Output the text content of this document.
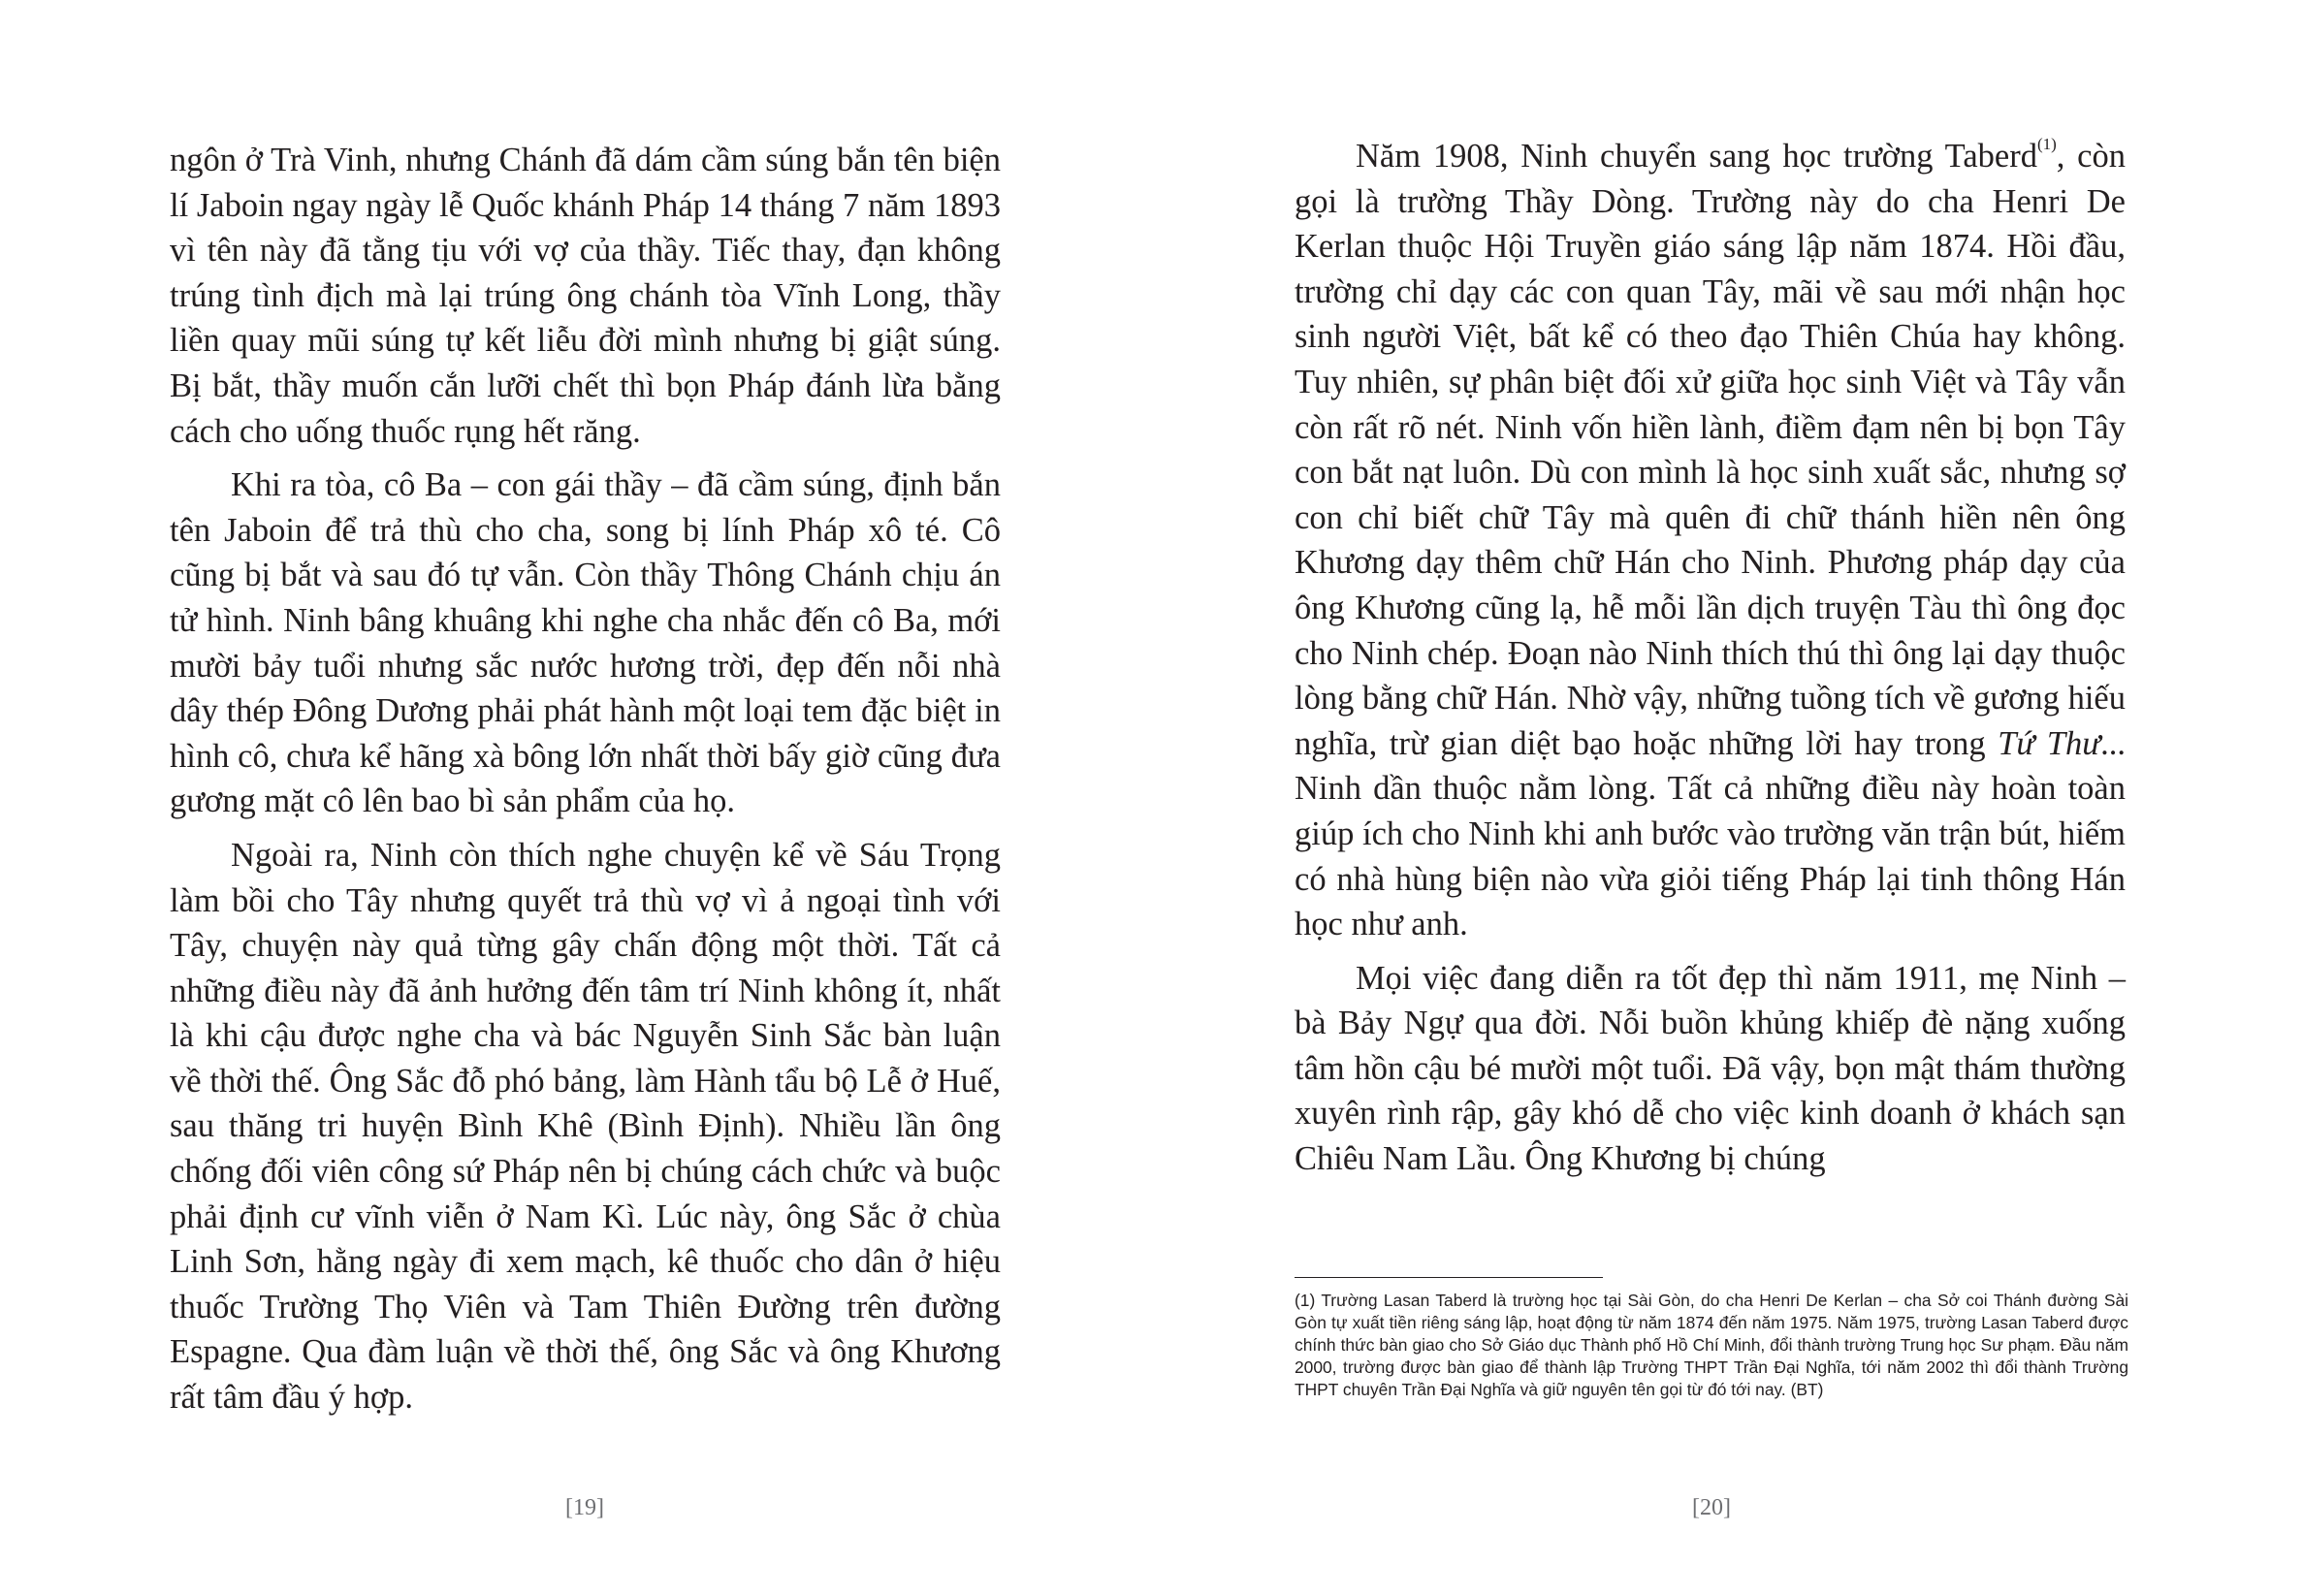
ngôn ở Trà Vinh, nhưng Chánh đã dám cầm súng bắn tên biện lí Jaboin ngay ngày lễ Quốc khánh Pháp 14 tháng 7 năm 1893 vì tên này đã tằng tịu với vợ của thầy. Tiếc thay, đạn không trúng tình địch mà lại trúng ông chánh tòa Vĩnh Long, thầy liền quay mũi súng tự kết liễu đời mình nhưng bị giật súng. Bị bắt, thầy muốn cắn lưỡi chết thì bọn Pháp đánh lừa bằng cách cho uống thuốc rụng hết răng.

Khi ra tòa, cô Ba – con gái thầy – đã cầm súng, định bắn tên Jaboin để trả thù cho cha, song bị lính Pháp xô té. Cô cũng bị bắt và sau đó tự vẫn. Còn thầy Thông Chánh chịu án tử hình. Ninh bâng khuâng khi nghe cha nhắc đến cô Ba, mới mười bảy tuổi nhưng sắc nước hương trời, đẹp đến nỗi nhà dây thép Đông Dương phải phát hành một loại tem đặc biệt in hình cô, chưa kể hãng xà bông lớn nhất thời bấy giờ cũng đưa gương mặt cô lên bao bì sản phẩm của họ.

Ngoài ra, Ninh còn thích nghe chuyện kể về Sáu Trọng làm bồi cho Tây nhưng quyết trả thù vợ vì ả ngoại tình với Tây, chuyện này quả từng gây chấn động một thời. Tất cả những điều này đã ảnh hưởng đến tâm trí Ninh không ít, nhất là khi cậu được nghe cha và bác Nguyễn Sinh Sắc bàn luận về thời thế. Ông Sắc đỗ phó bảng, làm Hành tẩu bộ Lễ ở Huế, sau thăng tri huyện Bình Khê (Bình Định). Nhiều lần ông chống đối viên công sứ Pháp nên bị chúng cách chức và buộc phải định cư vĩnh viễn ở Nam Kì. Lúc này, ông Sắc ở chùa Linh Sơn, hằng ngày đi xem mạch, kê thuốc cho dân ở hiệu thuốc Trường Thọ Viên và Tam Thiên Đường trên đường Espagne. Qua đàm luận về thời thế, ông Sắc và ông Khương rất tâm đầu ý hợp.

[19]

Năm 1908, Ninh chuyển sang học trường Taberd$^{(1)}$, còn gọi là trường Thầy Dòng. Trường này do cha Henri De Kerlan thuộc Hội Truyền giáo sáng lập năm 1874. Hồi đầu, trường chỉ dạy các con quan Tây, mãi về sau mới nhận học sinh người Việt, bất kể có theo đạo Thiên Chúa hay không. Tuy nhiên, sự phân biệt đối xử giữa học sinh Việt và Tây vẫn còn rất rõ nét. Ninh vốn hiền lành, điềm đạm nên bị bọn Tây con bắt nạt luôn. Dù con mình là học sinh xuất sắc, nhưng sợ con chỉ biết chữ Tây mà quên đi chữ thánh hiền nên ông Khương dạy thêm chữ Hán cho Ninh. Phương pháp dạy của ông Khương cũng lạ, hễ mỗi lần dịch truyện Tàu thì ông đọc cho Ninh chép. Đoạn nào Ninh thích thú thì ông lại dạy thuộc lòng bằng chữ Hán. Nhờ vậy, những tuồng tích về gương hiếu nghĩa, trừ gian diệt bạo hoặc những lời hay trong Tứ Thư... Ninh dần thuộc nằm lòng. Tất cả những điều này hoàn toàn giúp ích cho Ninh khi anh bước vào trường văn trận bút, hiếm có nhà hùng biện nào vừa giỏi tiếng Pháp lại tinh thông Hán học như anh.

Mọi việc đang diễn ra tốt đẹp thì năm 1911, mẹ Ninh – bà Bảy Ngự qua đời. Nỗi buồn khủng khiếp đè nặng xuống tâm hồn cậu bé mười một tuổi. Đã vậy, bọn mật thám thường xuyên rình rập, gây khó dễ cho việc kinh doanh ở khách sạn Chiêu Nam Lầu. Ông Khương bị chúng

(1) Trường Lasan Taberd là trường học tại Sài Gòn, do cha Henri De Kerlan – cha Sở coi Thánh đường Sài Gòn tự xuất tiền riêng sáng lập, hoạt động từ năm 1874 đến năm 1975. Năm 1975, trường Lasan Taberd được chính thức bàn giao cho Sở Giáo dục Thành phố Hồ Chí Minh, đổi thành trường Trung học Sư phạm. Đầu năm 2000, trường được bàn giao để thành lập Trường THPT Trần Đại Nghĩa, tới năm 2002 thì đổi thành Trường THPT chuyên Trần Đại Nghĩa và giữ nguyên tên gọi từ đó tới nay. (BT)

[20]
